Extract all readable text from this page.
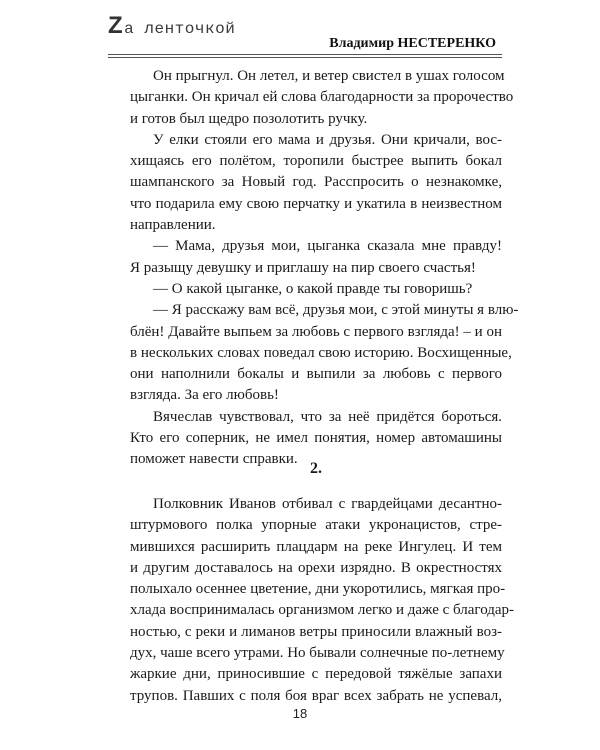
Zа ленточкой
Владимир НЕСТЕРЕНКО
Он прыгнул. Он летел, и ветер свистел в ушах голосом
цыганки. Он кричал ей слова благодарности за пророчество
и готов был щедро позолотить ручку.
У елки стояли его мама и друзья. Они кричали, вос-
хищаясь его полётом, торопили быстрее выпить бокал
шампанского за Новый год. Расспросить о незнакомке,
что подарила ему свою перчатку и укатила в неизвестном
направлении.
— Мама, друзья мои, цыганка сказала мне правду!
Я разыщу девушку и приглашу на пир своего счастья!
— О какой цыганке, о какой правде ты говоришь?
— Я расскажу вам всё, друзья мои, с этой минуты я влю-
блён! Давайте выпьем за любовь с первого взгляда! – и он
в нескольких словах поведал свою историю. Восхищенные,
они наполнили бокалы и выпили за любовь с первого
взгляда. За его любовь!
Вячеслав чувствовал, что за неё придётся бороться.
Кто его соперник, не имел понятия, номер автомашины
поможет навести справки.
2.
Полковник Иванов отбивал с гвардейцами десантно-
штурмового полка упорные атаки укронацистов, стре-
мившихся расширить плацдарм на реке Ингулец. И тем
и другим доставалось на орехи изрядно. В окрестностях
полыхало осеннее цветение, дни укоротились, мягкая про-
хлада воспринималась организмом легко и даже с благодар-
ностью, с реки и лиманов ветры приносили влажный воз-
дух, чаше всего утрами. Но бывали солнечные по-летнему
жаркие дни, приносившие с передовой тяжёлые запахи
трупов. Павших с поля боя враг всех забрать не успевал,
18
